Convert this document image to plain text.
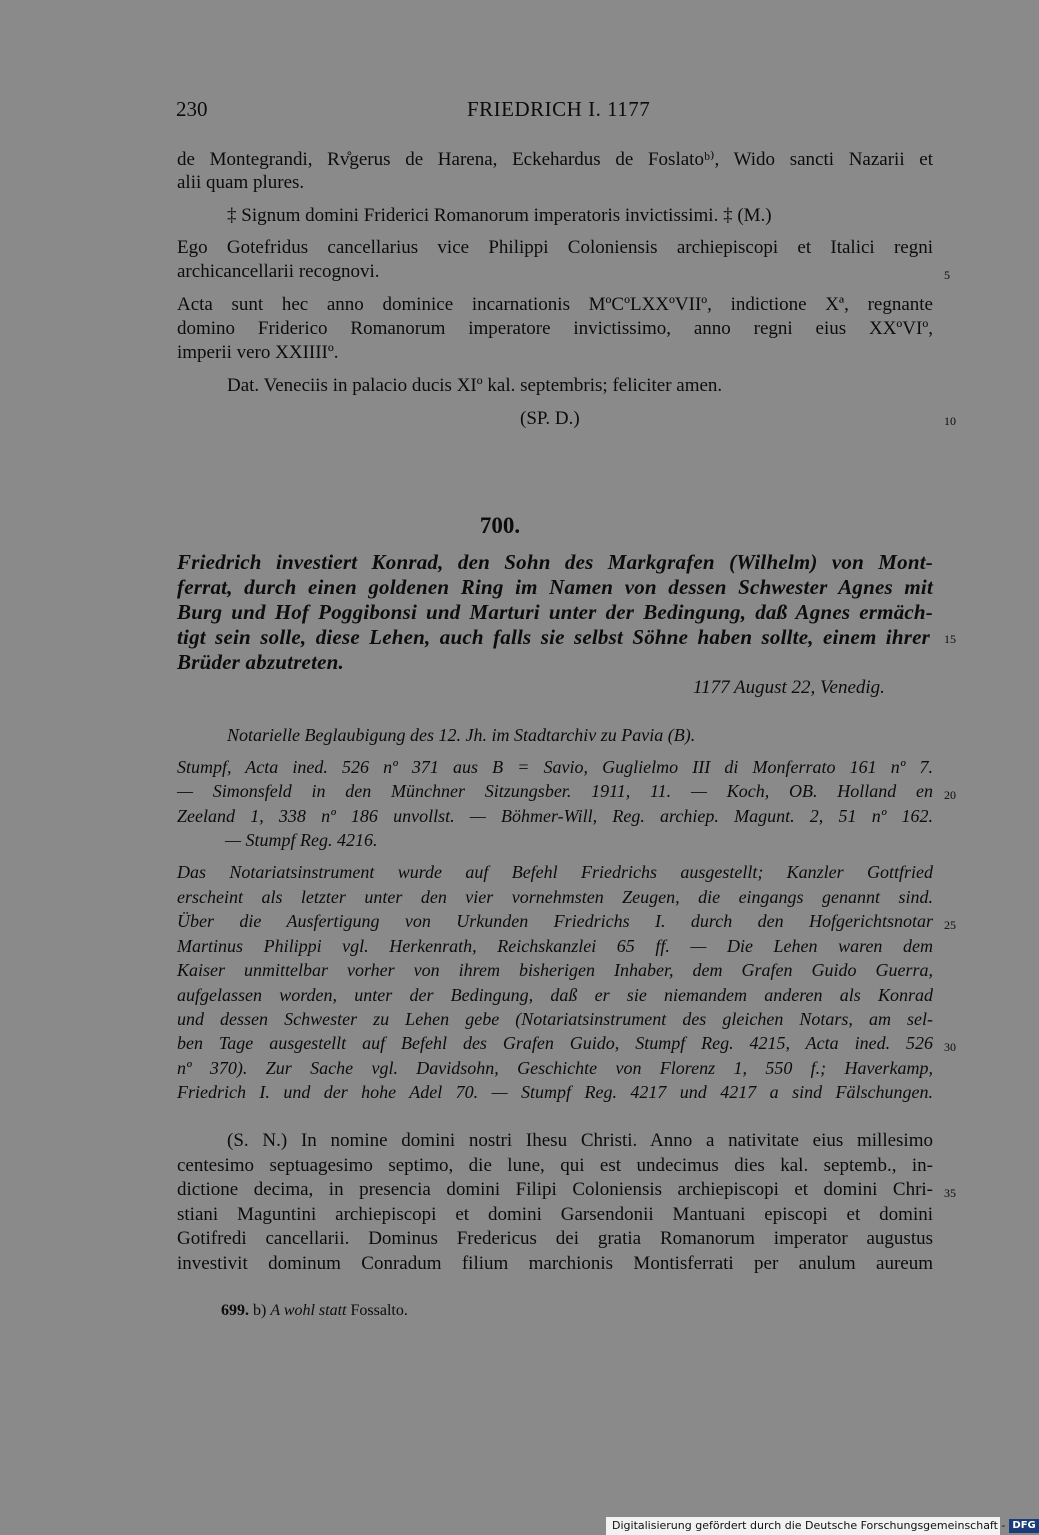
230	FRIEDRICH I. 1177
de Montegrandi, Rv̊gerus de Harena, Eckehardus de Foslatoᵇ⁾, Wido sancti Nazarii et
alii quam plures.
‡ Signum domini Friderici Romanorum imperatoris invictissimi. ‡ (M.)
Ego Gotefridus cancellarius vice Philippi Coloniensis archiepiscopi et Italici regni
archicancellarii recognovi.
Acta sunt hec anno dominice incarnationis MºCºLXXºVIIº, indictione Xª, regnante
domino Friderico Romanorum imperatore invictissimo, anno regni eius XXºVIº,
imperii vero XXIIIIº.
Dat. Veneciis in palacio ducis XIº kal. septembris; feliciter amen.
(SP. D.)
700.
Friedrich investiert Konrad, den Sohn des Markgrafen (Wilhelm) von Mont-
ferrat, durch einen goldenen Ring im Namen von dessen Schwester Agnes mit
Burg und Hof Poggibonsi und Marturi unter der Bedingung, daß Agnes ermäch-
tigt sein solle, diese Lehen, auch falls sie selbst Söhne haben sollte, einem ihrer
Brüder abzutreten.
1177 August 22, Venedig.
Notarielle Beglaubigung des 12. Jh. im Stadtarchiv zu Pavia (B).
Stumpf, Acta ined. 526 nº 371 aus B = Savio, Guglielmo III di Monferrato 161 nº 7.
— Simonsfeld in den Münchner Sitzungsber. 1911, 11. — Koch, OB. Holland en
Zeeland 1, 338 nº 186 unvollst. — Böhmer-Will, Reg. archiep. Magunt. 2, 51 nº 162.
— Stumpf Reg. 4216.
Das Notariatsinstrument wurde auf Befehl Friedrichs ausgestellt; Kanzler Gottfried
erscheint als letzter unter den vier vornehmsten Zeugen, die eingangs genannt sind.
Über die Ausfertigung von Urkunden Friedrichs I. durch den Hofgerichtsnotar
Martinus Philippi vgl. Herkenrath, Reichskanzlei 65 ff. — Die Lehen waren dem
Kaiser unmittelbar vorher von ihrem bisherigen Inhaber, dem Grafen Guido Guerra,
aufgelassen worden, unter der Bedingung, daß er sie niemandem anderen als Konrad
und dessen Schwester zu Lehen gebe (Notariatsinstrument des gleichen Notars, am sel-
ben Tage ausgestellt auf Befehl des Grafen Guido, Stumpf Reg. 4215, Acta ined. 526
nº 370). Zur Sache vgl. Davidsohn, Geschichte von Florenz 1, 550 f.; Haverkamp,
Friedrich I. und der hohe Adel 70. — Stumpf Reg. 4217 und 4217 a sind Fälschungen.
(S. N.) In nomine domini nostri Ihesu Christi. Anno a nativitate eius millesimo
centesimo septuagesimo septimo, die lune, qui est undecimus dies kal. septemb., in-
dictione decima, in presencia domini Filipi Coloniensis archiepiscopi et domini Chri-
stiani Maguntini archiepiscopi et domini Garsendonii Mantuani episcopi et domini
Gotifredi cancellarii. Dominus Fredericus dei gratia Romanorum imperator augustus
investivit dominum Conradum filium marchionis Montisferrati per anulum aureum
5
10
15
20
25
30
35
699. b) A wohl statt Fossalto.
Digitalisierung gefördert durch die Deutsche Forschungsgemeinschaft - DFG
